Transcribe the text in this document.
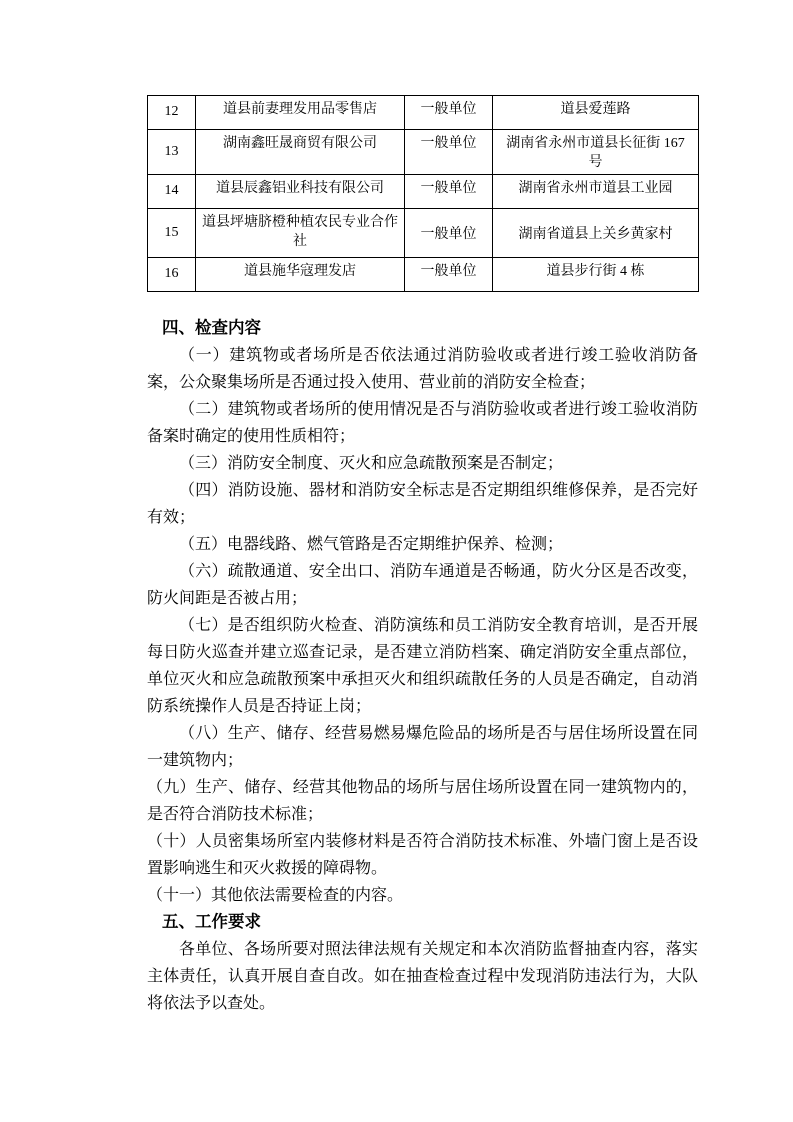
12	道县前妻理发用品零售店	一般单位	道县爱莲路
13	湖南鑫旺晟商贸有限公司	一般单位	湖南省永州市道县长征街 167 号
14	道县辰鑫铝业科技有限公司	一般单位	湖南省永州市道县工业园
15	道县坪塘脐橙种植农民专业合作社	一般单位	湖南省道县上关乡黄家村
16	道县施华寇理发店	一般单位	道县步行街 4 栋

四、检查内容

（一）建筑物或者场所是否依法通过消防验收或者进行竣工验收消防备案，公众聚集场所是否通过投入使用、营业前的消防安全检查；

（二）建筑物或者场所的使用情况是否与消防验收或者进行竣工验收消防备案时确定的使用性质相符；

（三）消防安全制度、灭火和应急疏散预案是否制定；

（四）消防设施、器材和消防安全标志是否定期组织维修保养，是否完好有效；

（五）电器线路、燃气管路是否定期维护保养、检测；

（六）疏散通道、安全出口、消防车通道是否畅通，防火分区是否改变，防火间距是否被占用；

（七）是否组织防火检查、消防演练和员工消防安全教育培训，是否开展每日防火巡查并建立巡查记录，是否建立消防档案、确定消防安全重点部位，单位灭火和应急疏散预案中承担灭火和组织疏散任务的人员是否确定，自动消防系统操作人员是否持证上岗；

（八）生产、储存、经营易燃易爆危险品的场所是否与居住场所设置在同一建筑物内；

（九）生产、储存、经营其他物品的场所与居住场所设置在同一建筑物内的，是否符合消防技术标准；

（十）人员密集场所室内装修材料是否符合消防技术标准、外墙门窗上是否设置影响逃生和灭火救援的障碍物。

（十一）其他依法需要检查的内容。

五、工作要求

各单位、各场所要对照法律法规有关规定和本次消防监督抽查内容，落实主体责任，认真开展自查自改。如在抽查检查过程中发现消防违法行为，大队将依法予以查处。
